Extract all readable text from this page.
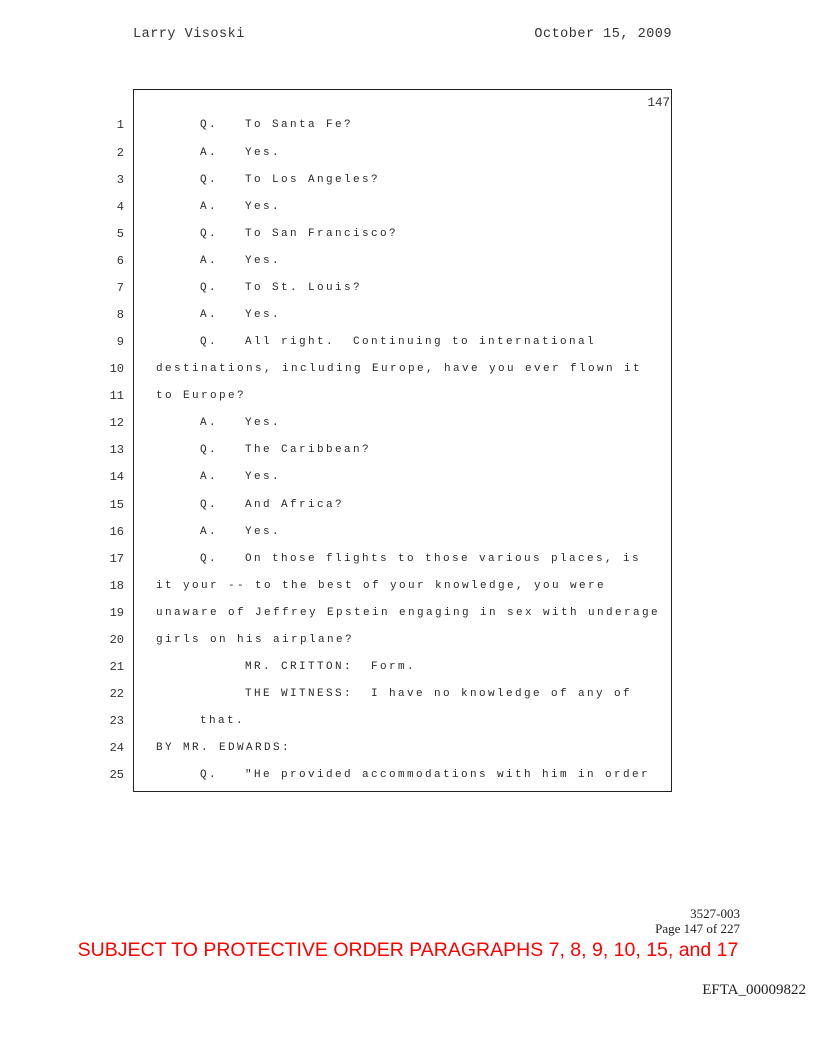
Larry Visoski	October 15, 2009
147
1	Q. To Santa Fe?
2	A. Yes.
3	Q. To Los Angeles?
4	A. Yes.
5	Q. To San Francisco?
6	A. Yes.
7	Q. To St. Louis?
8	A. Yes.
9	Q. All right.  Continuing to international
10	destinations, including Europe, have you ever flown it
11	to Europe?
12	A. Yes.
13	Q. The Caribbean?
14	A. Yes.
15	Q. And Africa?
16	A. Yes.
17	Q. On those flights to those various places, is
18	it your -- to the best of your knowledge, you were
19	unaware of Jeffrey Epstein engaging in sex with underage
20	girls on his airplane?
21	MR. CRITTON:  Form.
22	THE WITNESS:  I have no knowledge of any of
23	that.
24	BY MR. EDWARDS:
25	Q. "He provided accommodations with him in order
3527-003
Page 147 of 227
SUBJECT TO PROTECTIVE ORDER PARAGRAPHS 7, 8, 9, 10, 15, and 17
EFTA_00009822
